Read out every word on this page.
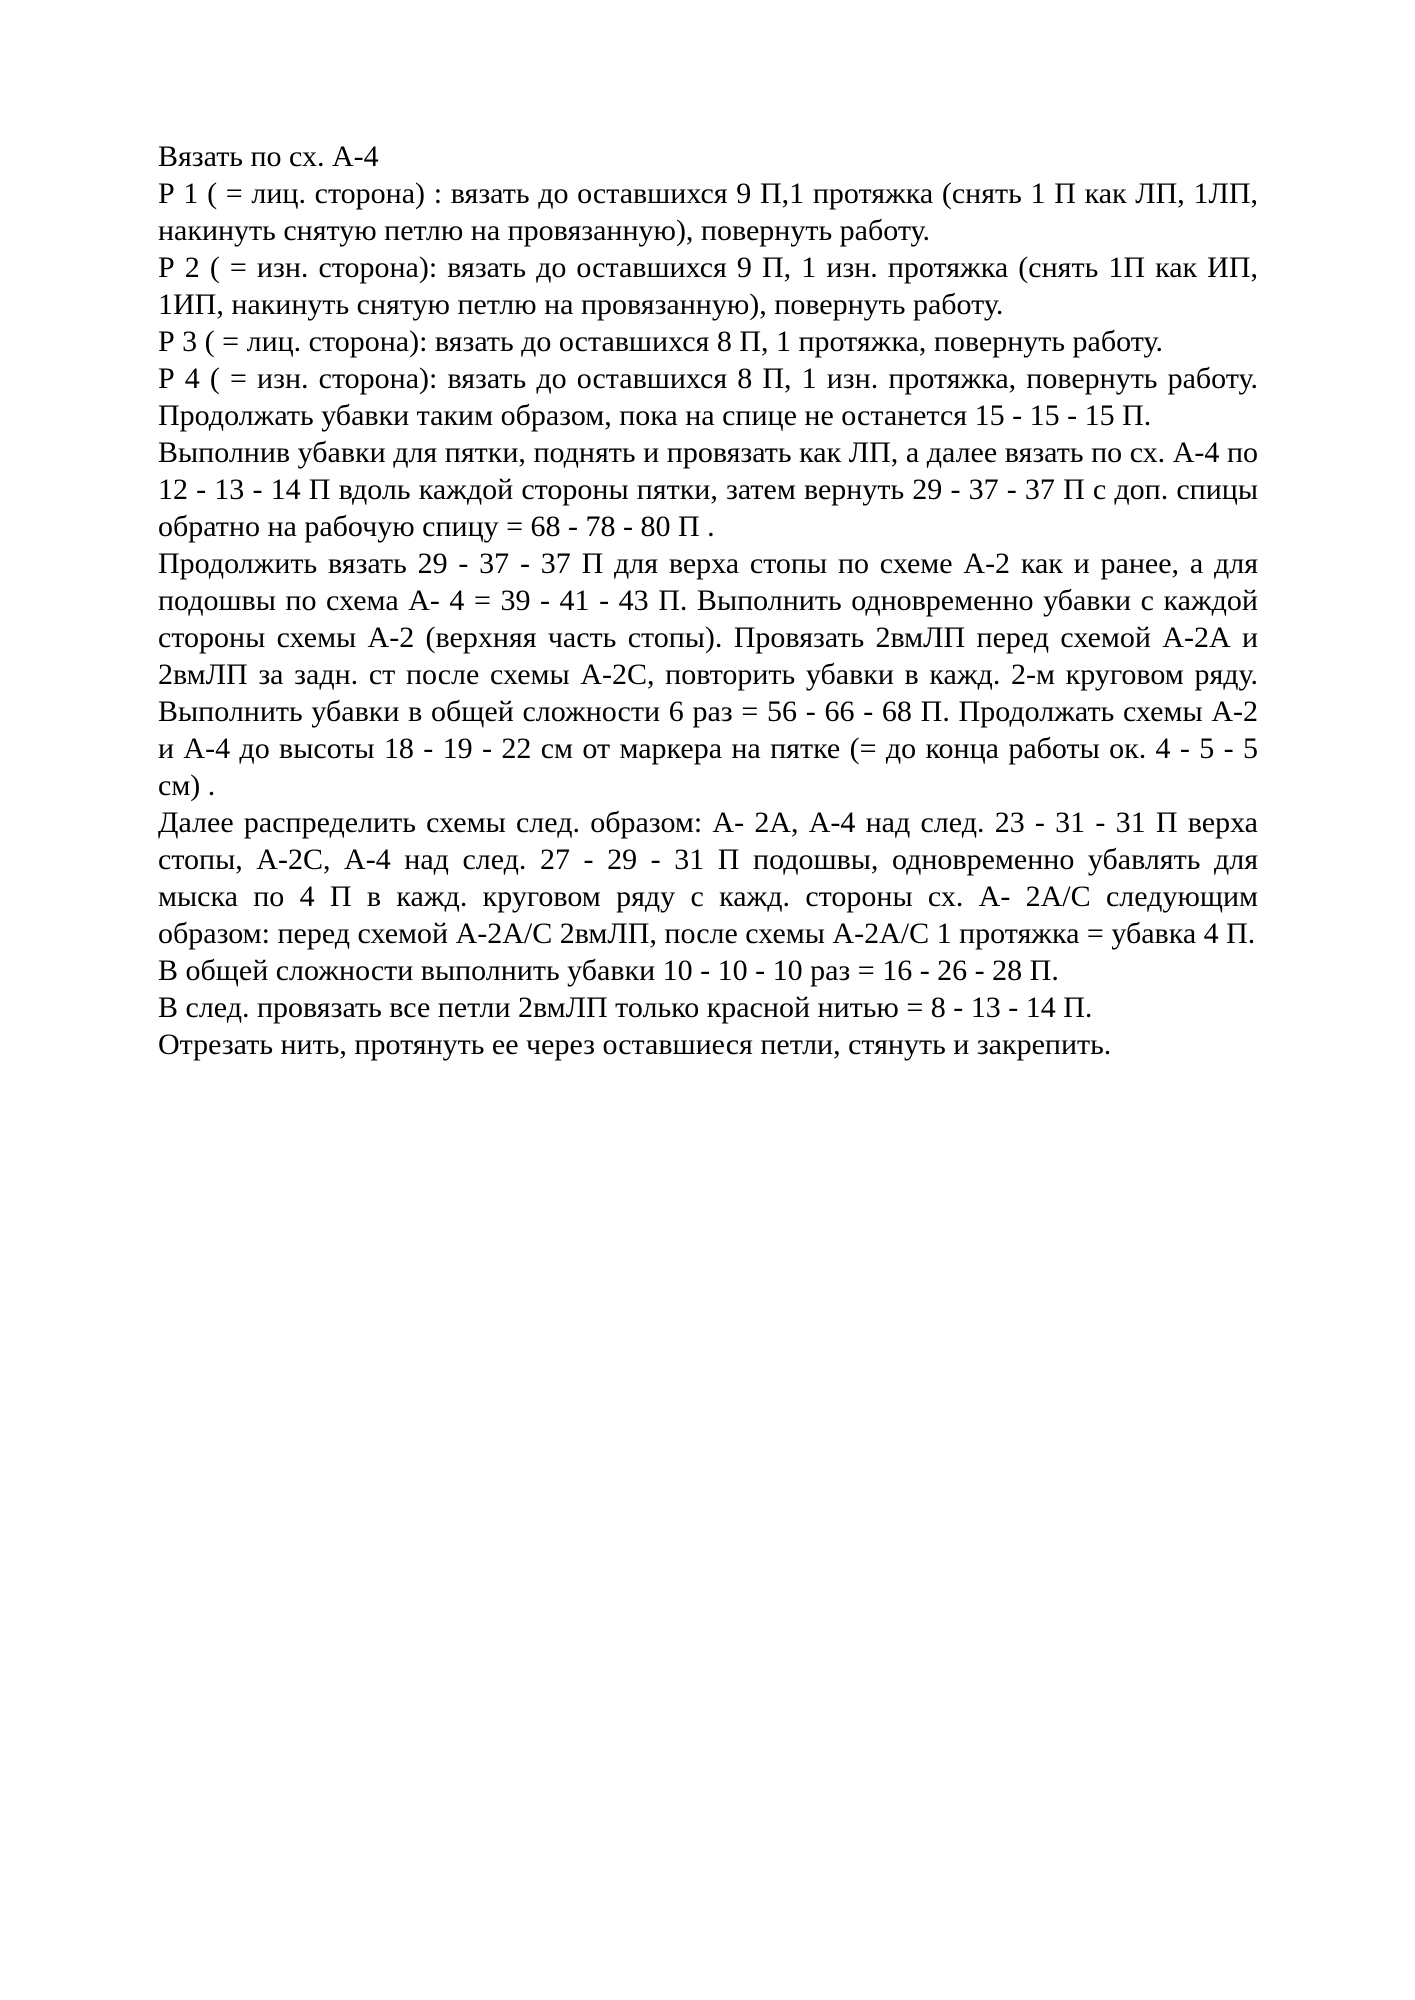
Вязать по сх. А-4

Р 1 ( = лиц. сторона) : вязать до оставшихся 9 П,1 протяжка (снять 1 П как ЛП, 1ЛП, накинуть снятую петлю на провязанную), повернуть работу.

Р 2 ( = изн. сторона): вязать до оставшихся 9 П, 1 изн. протяжка (снять 1П как ИП, 1ИП, накинуть снятую петлю на провязанную), повернуть работу.

Р 3 ( = лиц. сторона): вязать до оставшихся 8 П, 1 протяжка, повернуть работу.

Р 4 ( = изн. сторона): вязать до оставшихся 8 П, 1 изн. протяжка, повернуть работу. Продолжать убавки таким образом, пока на спице не останется 15 - 15 - 15 П.

Выполнив убавки для пятки, поднять и провязать как ЛП, а далее вязать по сх. А-4 по 12 - 13 - 14 П вдоль каждой стороны пятки, затем вернуть 29 - 37 - 37 П с доп. спицы обратно на рабочую спицу = 68 - 78 - 80 П .

Продолжить вязать 29 - 37 - 37 П для верха стопы по схеме А-2 как и ранее, а для подошвы по схема А- 4 = 39 - 41 - 43 П. Выполнить одновременно убавки с каждой стороны схемы А-2 (верхняя часть стопы). Провязать 2вмЛП перед схемой А-2А и 2вмЛП за задн. ст после схемы А-2С, повторить убавки в кажд. 2-м круговом ряду. Выполнить убавки в общей сложности 6 раз = 56 - 66 - 68 П. Продолжать схемы А-2 и А-4 до высоты 18 - 19 - 22 см от маркера на пятке (= до конца работы ок. 4 - 5 - 5 см) .

Далее распределить схемы след. образом: А- 2А, А-4 над след. 23 - 31 - 31 П верха стопы, А-2С, А-4 над след. 27 - 29 - 31 П подошвы, одновременно убавлять для мыска по 4 П в кажд. круговом ряду с кажд. стороны сх. А- 2А/С следующим образом: перед схемой А-2А/С 2вмЛП, после схемы А-2А/С 1 протяжка = убавка 4 П.

В общей сложности выполнить убавки 10 - 10 - 10 раз = 16 - 26 - 28 П.

В след. провязать все петли 2вмЛП только красной нитью = 8 - 13 - 14 П.

Отрезать нить, протянуть ее через оставшиеся петли, стянуть и закрепить.
